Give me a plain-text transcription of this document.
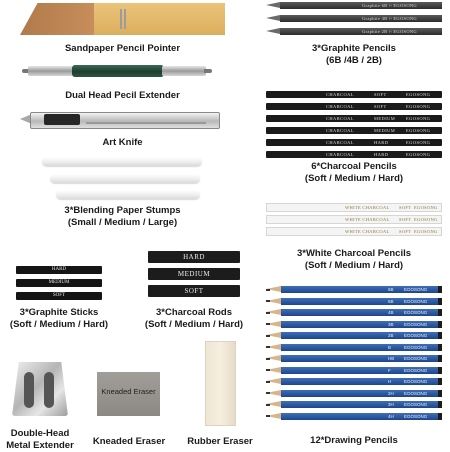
Sandpaper Pencil Pointer
Graphite 6B ⁞⁞ EGOSONG
Graphite 4B ⁞⁞ EGOSONG
Graphite 2B ⁞⁞ EGOSONG
3*Graphite Pencils
(6B /4B / 2B)
Dual Head Pecil Extender	CHARCOAL	SOFT	EGOSONG
CHARCOAL	SOFT	EGOSONG
CHARCOAL	MEDIUM EGOSONG
CHARCOAL	MEDIUM EGOSONG
CHARCOAL	HARD	EGOSONG
CHARCOAL	HARD	EGOSONG
6*Charcoal Pencils
(Soft / Medium / Hard)
Art Knife
3*Blending Paper Stumps
(Small / Medium / Large)
WHITE CHARCOAL SOFT EGOSONG
WHITE CHARCOAL SOFT EGOSONG
WHITE CHARCOAL SOFT EGOSONG
3*White Charcoal Pencils
(Soft / Medium / Hard)
HARD
MEDIUM
SOFT
3*Graphite Sticks
(Soft / Medium / Hard)
HARD
MEDIUM
SOFT
3*Charcoal Rods
(Soft / Medium / Hard)
6B EGOSONG
5B EGOSONG
4B EGOSONG
3B EGOSONG
2B EGOSONG
B	EGOSONG
HB EGOSONG
F	EGOSONG
H	EGOSONG
2H EGOSONG
3H EGOSONG
4H EGOSONG
12*Drawing Pencils
Double-Head
Metal Extender
Kneaded Eraser
Kneaded Eraser	Rubber Eraser
